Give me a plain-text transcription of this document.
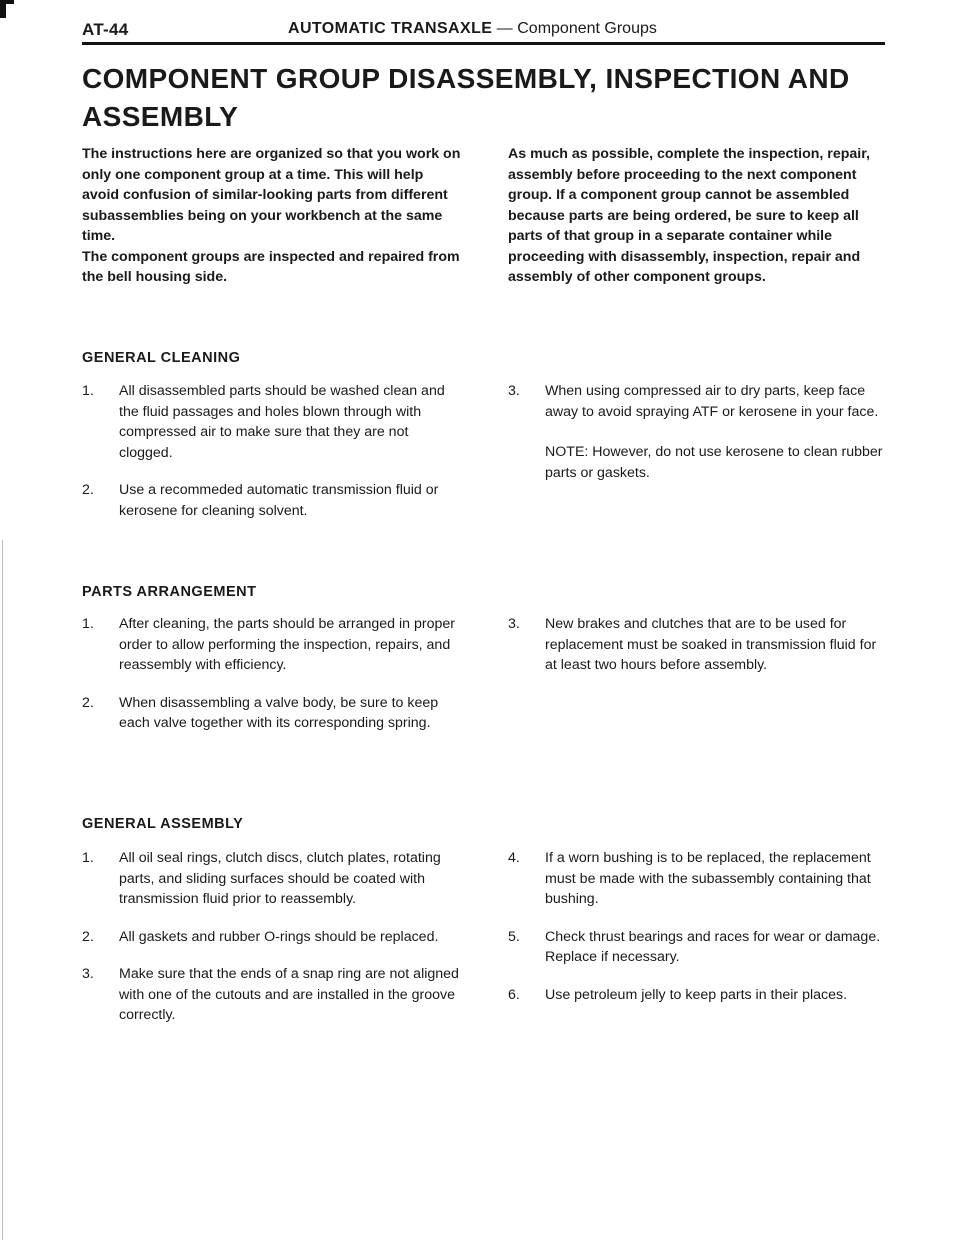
AT-44	AUTOMATIC TRANSAXLE — Component Groups
COMPONENT GROUP DISASSEMBLY, INSPECTION AND
ASSEMBLY

The instructions here are organized so that you work on only one component group at a time. This will help avoid confusion of similar-looking parts from different subassemblies being on your workbench at the same time.

The component groups are inspected and repaired from the bell housing side.

As much as possible, complete the inspection, repair, assembly before proceeding to the next component group. If a component group cannot be assembled because parts are being ordered, be sure to keep all parts of that group in a separate container while proceeding with disassembly, inspection, repair and assembly of other component groups.

GENERAL CLEANING
1. All disassembled parts should be washed clean and the fluid passages and holes blown through with compressed air to make sure that they are not clogged.
2. Use a recommeded automatic transmission fluid or kerosene for cleaning solvent.
3. When using compressed air to dry parts, keep face away to avoid spraying ATF or kerosene in your face.
NOTE: However, do not use kerosene to clean rubber parts or gaskets.
PARTS ARRANGEMENT
1. After cleaning, the parts should be arranged in proper order to allow performing the inspection, repairs, and reassembly with efficiency.
2. When disassembling a valve body, be sure to keep each valve together with its corresponding spring.
3. New brakes and clutches that are to be used for replacement must be soaked in transmission fluid for at least two hours before assembly.
GENERAL ASSEMBLY
1. All oil seal rings, clutch discs, clutch plates, rotating parts, and sliding surfaces should be coated with transmission fluid prior to reassembly.
2. All gaskets and rubber O-rings should be replaced.
3. Make sure that the ends of a snap ring are not aligned with one of the cutouts and are installed in the groove correctly.
4. If a worn bushing is to be replaced, the replacement must be made with the subassembly containing that bushing.
5. Check thrust bearings and races for wear or damage. Replace if necessary.
6. Use petroleum jelly to keep parts in their places.
